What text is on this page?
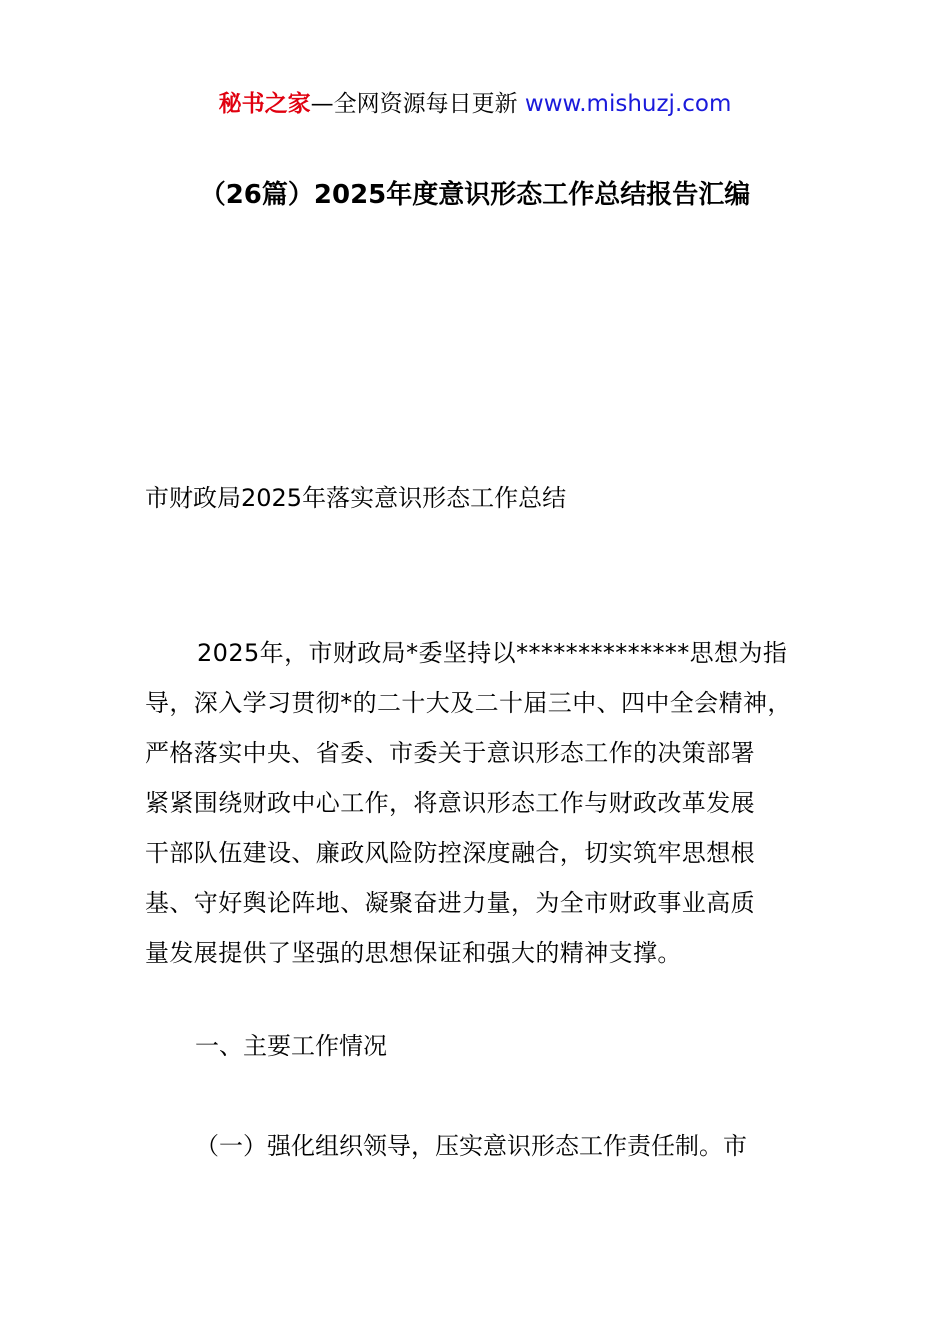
秘书之家—全网资源每日更新 www.mishuzj.com
（26篇）2025年度意识形态工作总结报告汇编
市财政局2025年落实意识形态工作总结
2025年，市财政局*委坚持以**************思想为指
导，深入学习贯彻*的二十大及二十届三中、四中全会精神，
严格落实中央、省委、市委关于意识形态工作的决策部署
紧紧围绕财政中心工作，将意识形态工作与财政改革发展
干部队伍建设、廉政风险防控深度融合，切实筑牢思想根
基、守好舆论阵地、凝聚奋进力量，为全市财政事业高质
量发展提供了坚强的思想保证和强大的精神支撑。
一、主要工作情况
（一）强化组织领导，压实意识形态工作责任制。市
